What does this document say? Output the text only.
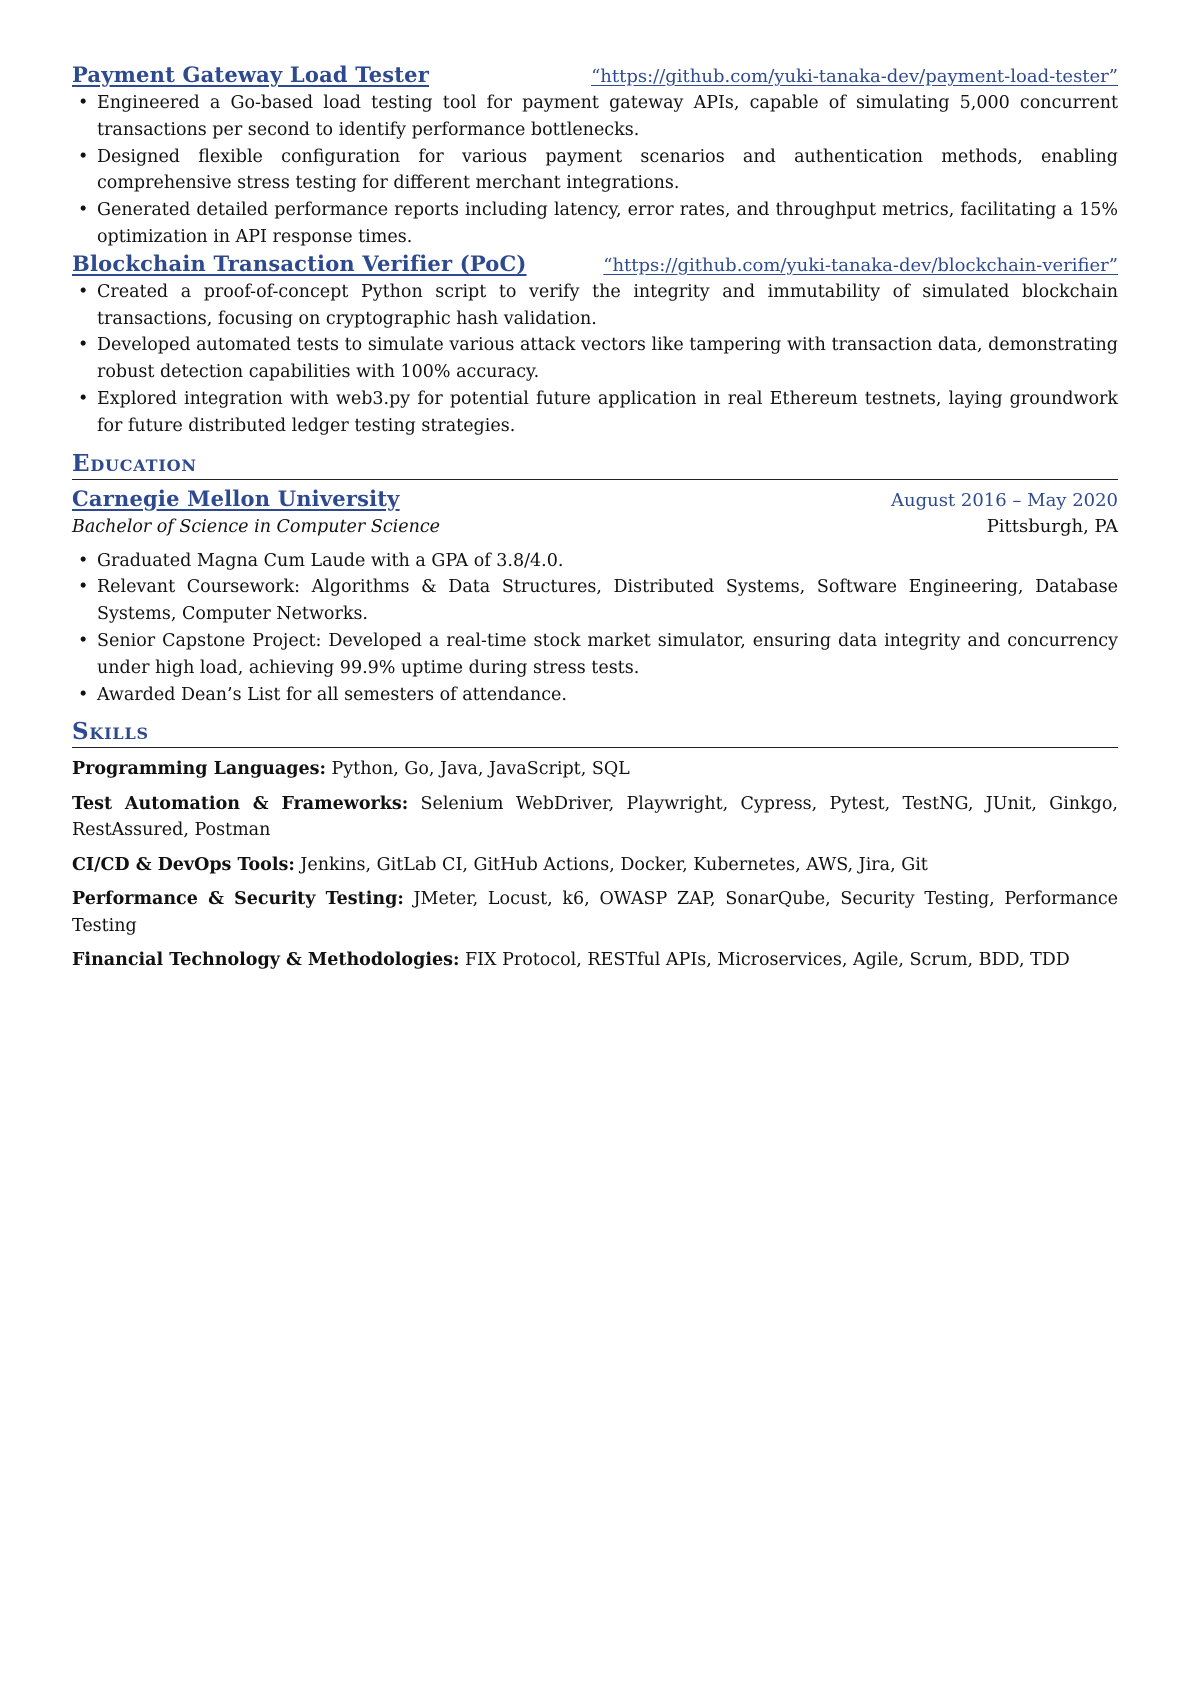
Payment Gateway Load Tester	“https://github.com/yuki-tanaka-dev/payment-load-tester”
• Engineered a Go-based load testing tool for payment gateway APIs, capable of simulating 5,000 concurrent transactions per second to identify performance bottlenecks.
• Designed flexible configuration for various payment scenarios and authentication methods, enabling comprehensive stress testing for different merchant integrations.
• Generated detailed performance reports including latency, error rates, and throughput metrics, facilitating a 15% optimization in API response times.
Blockchain Transaction Verifier (PoC)	“https://github.com/yuki-tanaka-dev/blockchain-verifier”
• Created a proof-of-concept Python script to verify the integrity and immutability of simulated blockchain transactions, focusing on cryptographic hash validation.
• Developed automated tests to simulate various attack vectors like tampering with transaction data, demonstrating robust detection capabilities with 100% accuracy.
• Explored integration with web3.py for potential future application in real Ethereum testnets, laying groundwork for future distributed ledger testing strategies.
Education
Carnegie Mellon University	August 2016 – May 2020
Bachelor of Science in Computer Science	Pittsburgh, PA
• Graduated Magna Cum Laude with a GPA of 3.8/4.0.
• Relevant Coursework: Algorithms & Data Structures, Distributed Systems, Software Engineering, Database Systems, Computer Networks.
• Senior Capstone Project: Developed a real-time stock market simulator, ensuring data integrity and concurrency under high load, achieving 99.9% uptime during stress tests.
• Awarded Dean’s List for all semesters of attendance.
Skills
Programming Languages: Python, Go, Java, JavaScript, SQL
Test Automation & Frameworks: Selenium WebDriver, Playwright, Cypress, Pytest, TestNG, JUnit, Ginkgo, RestAssured, Postman
CI/CD & DevOps Tools: Jenkins, GitLab CI, GitHub Actions, Docker, Kubernetes, AWS, Jira, Git
Performance & Security Testing: JMeter, Locust, k6, OWASP ZAP, SonarQube, Security Testing, Performance Testing
Financial Technology & Methodologies: FIX Protocol, RESTful APIs, Microservices, Agile, Scrum, BDD, TDD
